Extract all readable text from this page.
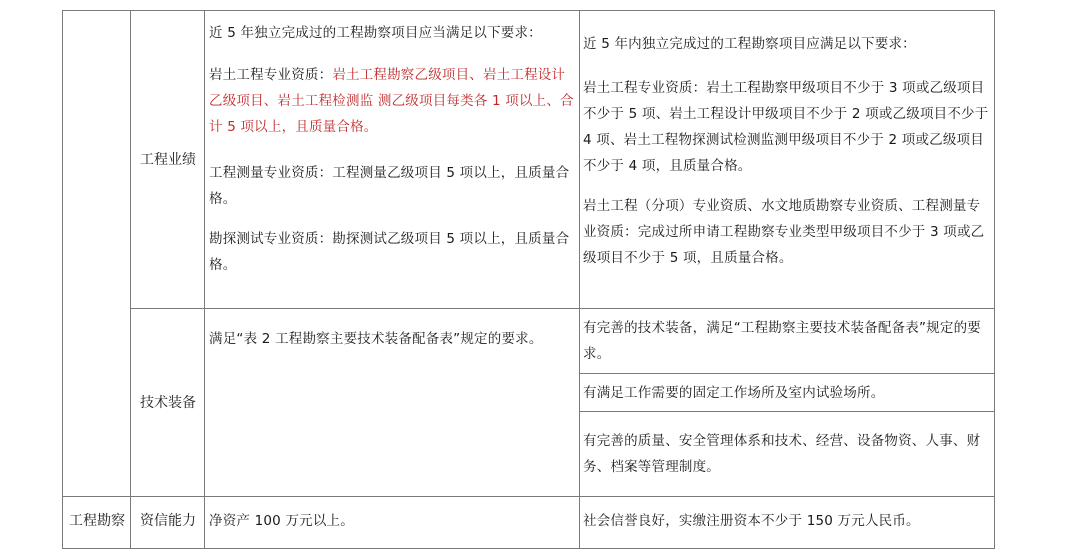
工程业绩

近 5 年独立完成过的工程勘察项目应当满足以下要求：

岩土工程专业资质：岩土工程勘察乙级项目、岩土工程设计乙级项目、岩土工程检测监 测乙级项目每类各 1 项以上、合计 5 项以上，且质量合格。

工程测量专业资质：工程测量乙级项目 5 项以上，且质量合格。

勘探测试专业资质：勘探测试乙级项目 5 项以上，且质量合格。

近 5 年内独立完成过的工程勘察项目应满足以下要求：

岩土工程专业资质：岩土工程勘察甲级项目不少于 3 项或乙级项目不少于 5 项、岩土工程设计甲级项目不少于 2 项或乙级项目不少于 4 项、岩土工程物探测试检测监测甲级项目不少于 2 项或乙级项目不少于 4 项，且质量合格。

岩土工程（分项）专业资质、水文地质勘察专业资质、工程测量专业资质：完成过所申请工程勘察专业类型甲级项目不少于 3 项或乙级项目不少于 5 项，且质量合格。

技术装备
满足“表 2 工程勘察主要技术装备配备表”规定的要求。
有完善的技术装备，满足“工程勘察主要技术装备配备表”规定的要求。
有满足工作需要的固定工作场所及室内试验场所。
有完善的质量、安全管理体系和技术、经营、设备物资、人事、财务、档案等管理制度。
工程勘察 资信能力 净资产 100 万元以上。	社会信誉良好，实缴注册资本不少于 150 万元人民币。
